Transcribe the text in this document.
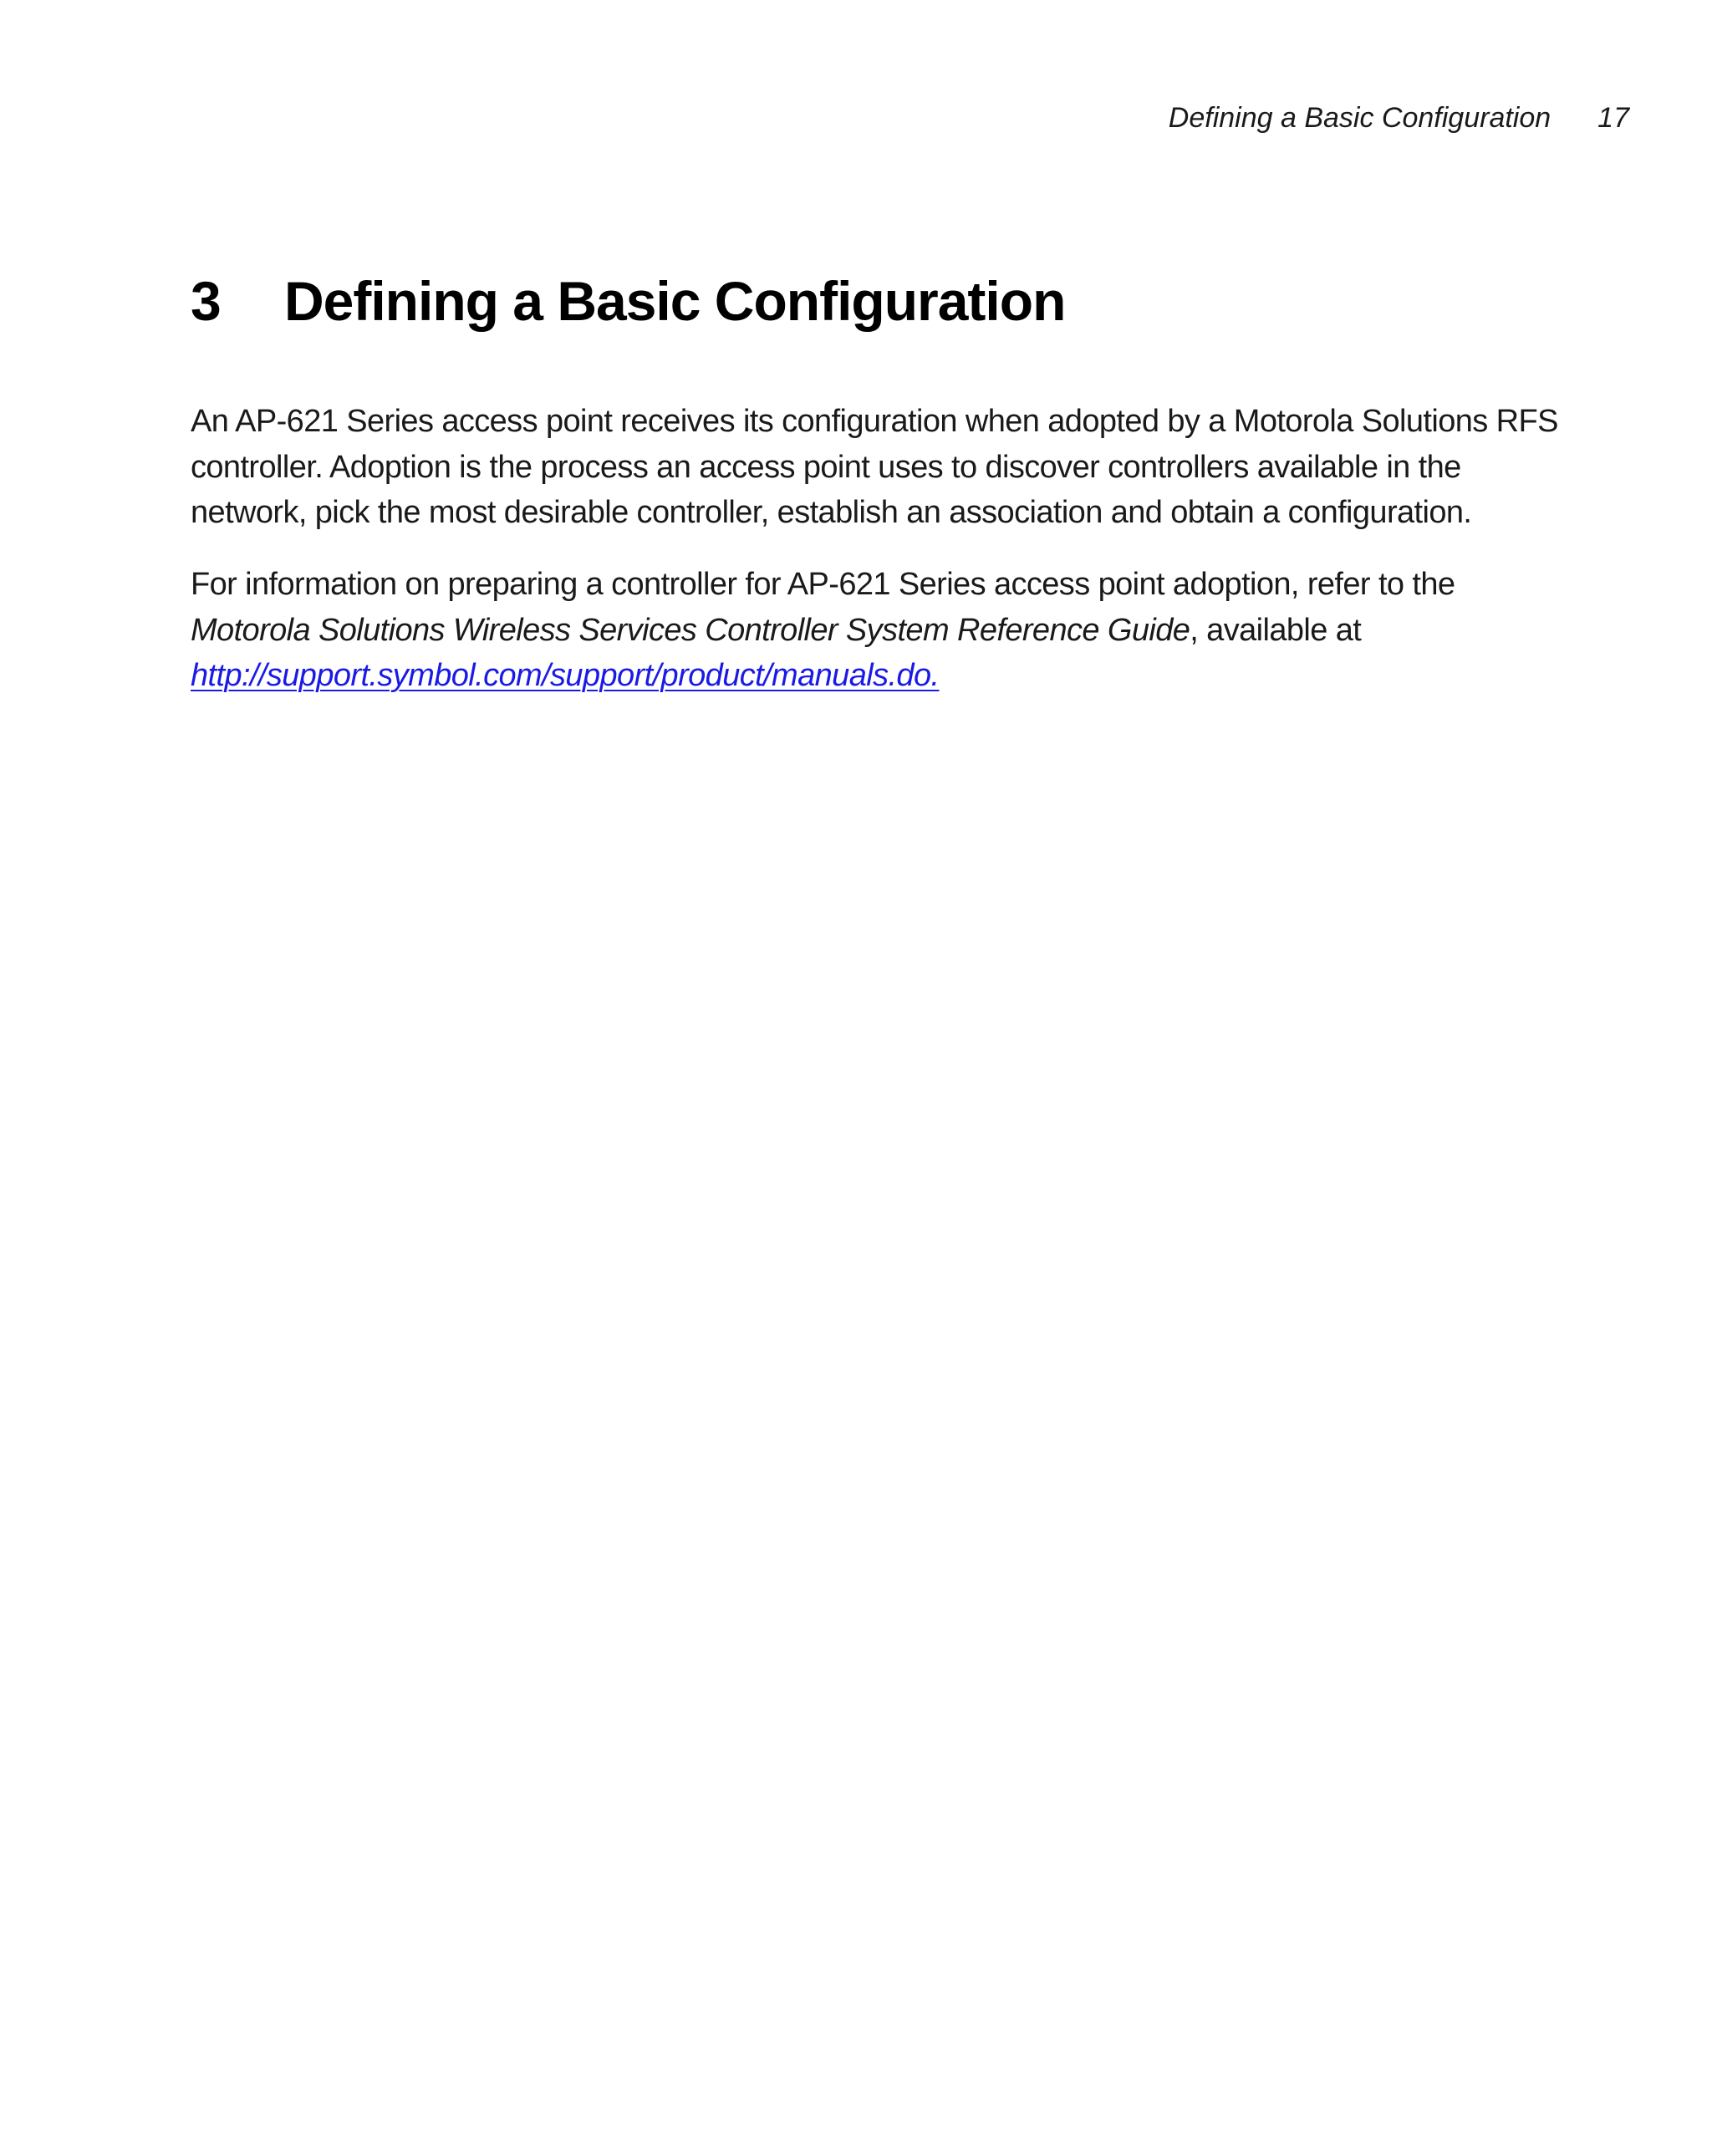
Defining a Basic Configuration 17
3	Defining a Basic Configuration

An AP-621 Series access point receives its configuration when adopted by a Motorola Solutions RFS
controller. Adoption is the process an access point uses to discover controllers available in the
network, pick the most desirable controller, establish an association and obtain a configuration.

For information on preparing a controller for AP-621 Series access point adoption, refer to the
Motorola Solutions Wireless Services Controller System Reference Guide, available at
http://support.symbol.com/support/product/manuals.do.
